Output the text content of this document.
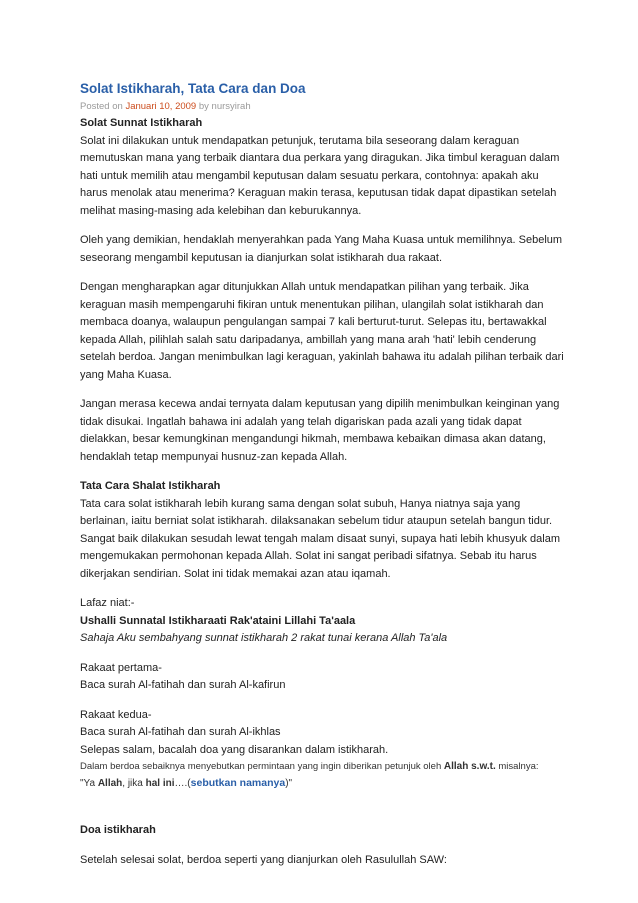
Solat Istikharah, Tata Cara dan Doa
Posted on Januari 10, 2009 by nursyirah
Solat Sunnat Istikharah

Solat ini dilakukan untuk mendapatkan petunjuk, terutama bila seseorang dalam keraguan memutuskan mana yang terbaik diantara dua perkara yang diragukan. Jika timbul keraguan dalam hati untuk memilih atau mengambil keputusan dalam sesuatu perkara, contohnya: apakah aku harus menolak atau menerima? Keraguan makin terasa, keputusan tidak dapat dipastikan setelah melihat masing-masing ada kelebihan dan keburukannya.

Oleh yang demikian, hendaklah menyerahkan pada Yang Maha Kuasa untuk memilihnya. Sebelum seseorang mengambil keputusan ia dianjurkan solat istikharah dua rakaat.

Dengan mengharapkan agar ditunjukkan Allah untuk mendapatkan pilihan yang terbaik. Jika keraguan masih mempengaruhi fikiran untuk menentukan pilihan, ulangilah solat istikharah dan membaca doanya, walaupun pengulangan sampai 7 kali berturut-turut. Selepas itu, bertawakkal kepada Allah, pilihlah salah satu daripadanya, ambillah yang mana arah 'hati' lebih cenderung setelah berdoa. Jangan menimbulkan lagi keraguan, yakinlah bahawa itu adalah pilihan terbaik dari yang Maha Kuasa.

Jangan merasa kecewa andai ternyata dalam keputusan yang dipilih menimbulkan keinginan yang tidak disukai. Ingatlah bahawa ini adalah yang telah digariskan pada azali yang tidak dapat dielakkan, besar kemungkinan mengandungi hikmah, membawa kebaikan dimasa akan datang, hendaklah tetap mempunyai husnuz-zan kepada Allah.

Tata Cara Shalat Istikharah

Tata cara solat istikharah lebih kurang sama dengan solat subuh, Hanya niatnya saja yang berlainan, iaitu berniat solat istikharah. dilaksanakan sebelum tidur ataupun setelah bangun tidur. Sangat baik dilakukan sesudah lewat tengah malam disaat sunyi, supaya hati lebih khusyuk dalam mengemukakan permohonan kepada Allah. Solat ini sangat peribadi sifatnya. Sebab itu harus dikerjakan sendirian. Solat ini tidak memakai azan atau iqamah.

Lafaz niat:-
Ushalli Sunnatal Istikharaati Rak'ataini Lillahi Ta'aala
Sahaja Aku sembahyang sunnat istikharah 2 rakat tunai kerana Allah Ta'ala
Rakaat pertama-
Baca surah Al-fatihah dan surah Al-kafirun
Rakaat kedua-
Baca surah Al-fatihah dan surah Al-ikhlas
Selepas salam, bacalah doa yang disarankan dalam istikharah.
Dalam berdoa sebaiknya menyebutkan permintaan yang ingin diberikan petunjuk oleh Allah s.w.t. misalnya:
"Ya Allah, jika hal ini….(sebutkan namanya)"
Doa istikharah

Setelah selesai solat, berdoa seperti yang dianjurkan oleh Rasulullah SAW:
